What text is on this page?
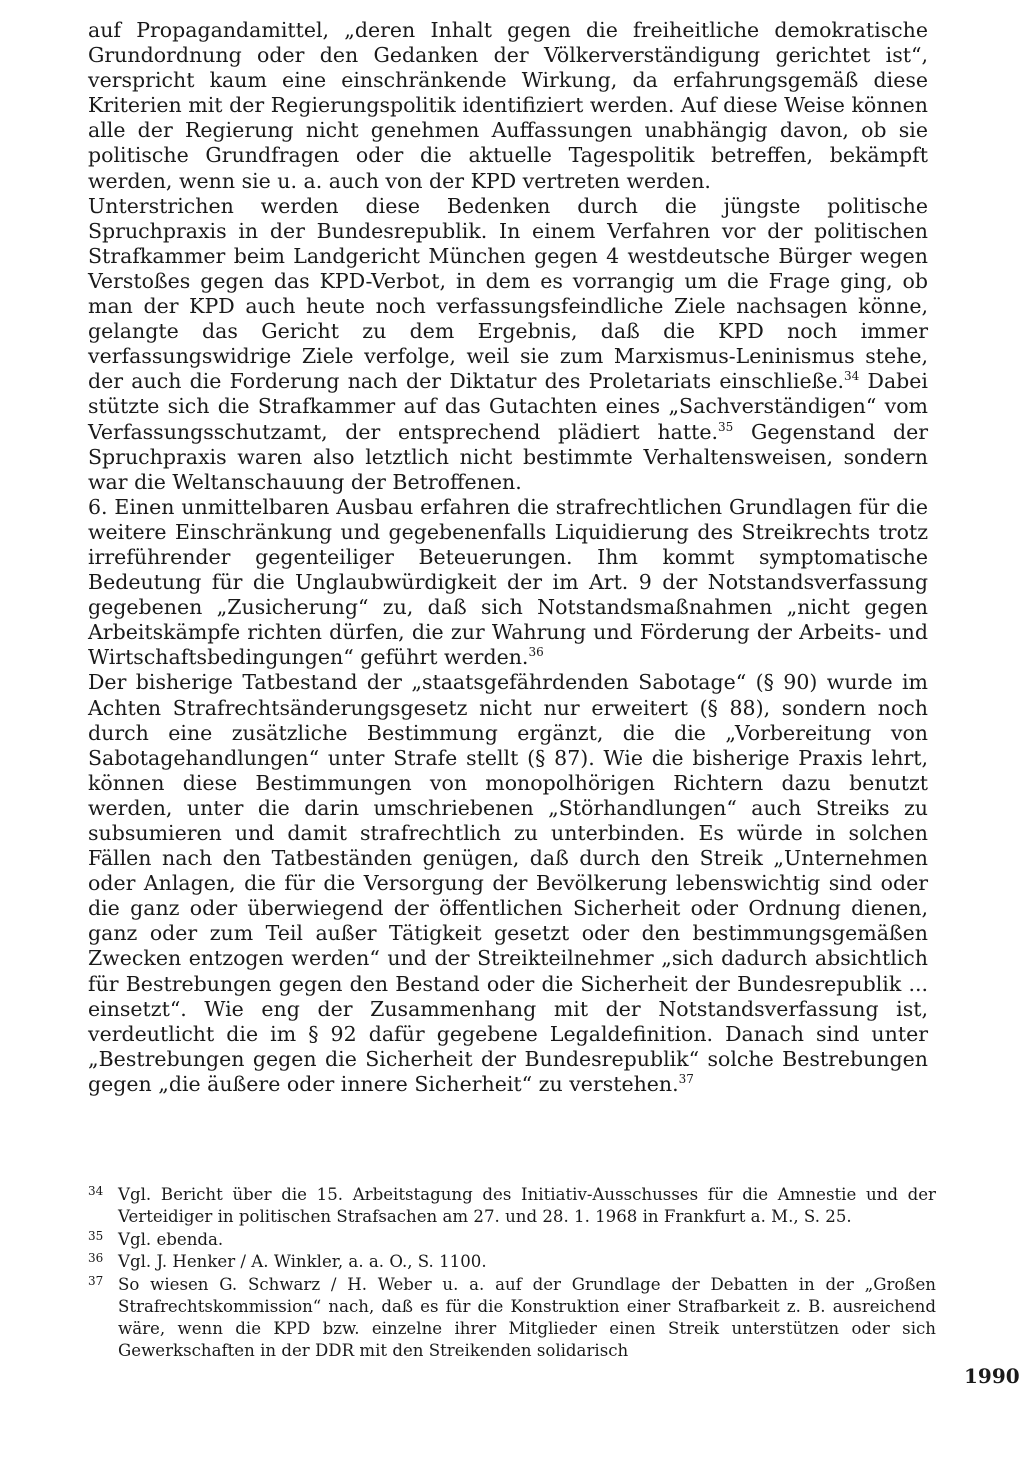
auf Propagandamittel, „deren Inhalt gegen die freiheitliche demokratische Grundordnung oder den Gedanken der Völkerverständigung gerichtet ist“, verspricht kaum eine einschränkende Wirkung, da erfahrungsgemäß diese Kriterien mit der Regierungspolitik identifiziert werden. Auf diese Weise können alle der Regierung nicht genehmen Auffassungen unabhängig davon, ob sie politische Grundfragen oder die aktuelle Tagespolitik betreffen, bekämpft werden, wenn sie u. a. auch von der KPD vertreten werden.

Unterstrichen werden diese Bedenken durch die jüngste politische Spruchpraxis in der Bundesrepublik. In einem Verfahren vor der politischen Strafkammer beim Landgericht München gegen 4 westdeutsche Bürger wegen Verstoßes gegen das KPD-Verbot, in dem es vorrangig um die Frage ging, ob man der KPD auch heute noch verfassungsfeindliche Ziele nachsagen könne, gelangte das Gericht zu dem Ergebnis, daß die KPD noch immer verfassungswidrige Ziele verfolge, weil sie zum Marxismus-Leninismus stehe, der auch die Forderung nach der Diktatur des Proletariats einschließe.$^{34}$ Dabei stützte sich die Strafkammer auf das Gutachten eines „Sachverständigen“ vom Verfassungsschutzamt, der entsprechend plädiert hatte.$^{35}$ Gegenstand der Spruchpraxis waren also letztlich nicht bestimmte Verhaltensweisen, sondern war die Weltanschauung der Betroffenen.

6. Einen unmittelbaren Ausbau erfahren die strafrechtlichen Grundlagen für die weitere Einschränkung und gegebenenfalls Liquidierung des Streikrechts trotz irreführender gegenteiliger Beteuerungen. Ihm kommt symptomatische Bedeutung für die Unglaubwürdigkeit der im Art. 9 der Notstandsverfassung gegebenen „Zusicherung“ zu, daß sich Notstandsmaßnahmen „nicht gegen Arbeitskämpfe richten dürfen, die zur Wahrung und Förderung der Arbeits- und Wirtschaftsbedingungen“ geführt werden.$^{36}$

Der bisherige Tatbestand der „staatsgefährdenden Sabotage“ (§ 90) wurde im Achten Strafrechtsänderungsgesetz nicht nur erweitert (§ 88), sondern noch durch eine zusätzliche Bestimmung ergänzt, die die „Vorbereitung von Sabotagehandlungen“ unter Strafe stellt (§ 87). Wie die bisherige Praxis lehrt, können diese Bestimmungen von monopolhörigen Richtern dazu benutzt werden, unter die darin umschriebenen „Störhandlungen“ auch Streiks zu subsumieren und damit strafrechtlich zu unterbinden. Es würde in solchen Fällen nach den Tatbeständen genügen, daß durch den Streik „Unternehmen oder Anlagen, die für die Versorgung der Bevölkerung lebenswichtig sind oder die ganz oder überwiegend der öffentlichen Sicherheit oder Ordnung dienen, ganz oder zum Teil außer Tätigkeit gesetzt oder den bestimmungsgemäßen Zwecken entzogen werden“ und der Streikteilnehmer „sich dadurch absichtlich für Bestrebungen gegen den Bestand oder die Sicherheit der Bundesrepublik ... einsetzt“. Wie eng der Zusammenhang mit der Notstandsverfassung ist, verdeutlicht die im § 92 dafür gegebene Legaldefinition. Danach sind unter „Bestrebungen gegen die Sicherheit der Bundesrepublik“ solche Bestrebungen gegen „die äußere oder innere Sicherheit“ zu verstehen.$^{37}$

34 Vgl. Bericht über die 15. Arbeitstagung des Initiativ-Ausschusses für die Amnestie und der Verteidiger in politischen Strafsachen am 27. und 28. 1. 1968 in Frankfurt a. M., S. 25.
35 Vgl. ebenda.
36 Vgl. J. Henker / A. Winkler, a. a. O., S. 1100.
37 So wiesen G. Schwarz / H. Weber u. a. auf der Grundlage der Debatten in der „Großen Strafrechtskommission“ nach, daß es für die Konstruktion einer Strafbarkeit z. B. ausreichend wäre, wenn die KPD bzw. einzelne ihrer Mitglieder einen Streik unterstützen oder sich Gewerkschaften in der DDR mit den Streikenden solidarisch
1990
